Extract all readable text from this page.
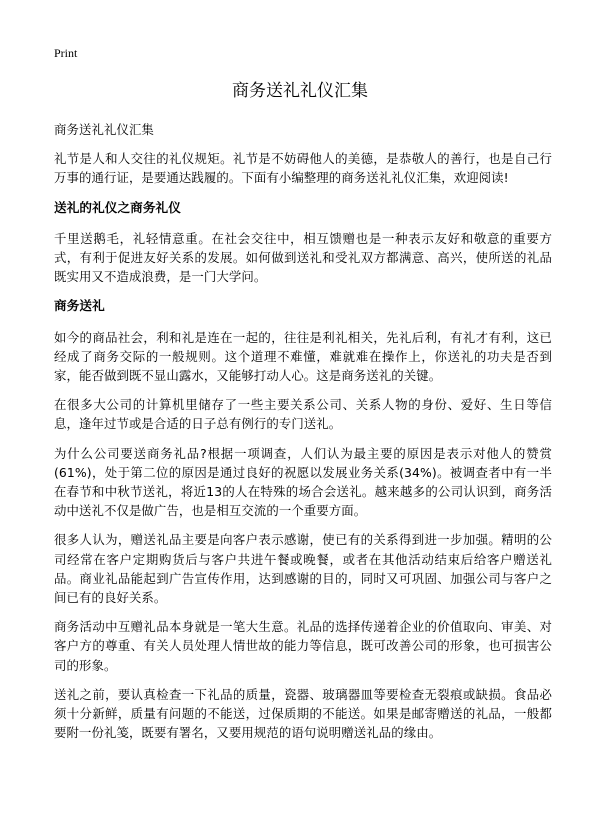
Print
商务送礼礼仪汇集

商务送礼礼仪汇集

礼节是人和人交往的礼仪规矩。礼节是不妨碍他人的美德，是恭敬人的善行，也是自己行万事的通行证，是要通达践履的。下面有小编整理的商务送礼礼仪汇集，欢迎阅读!

送礼的礼仪之商务礼仪

千里送鹅毛，礼轻情意重。在社会交往中，相互馈赠也是一种表示友好和敬意的重要方式，有利于促进友好关系的发展。如何做到送礼和受礼双方都满意、高兴，使所送的礼品既实用又不造成浪费，是一门大学问。

商务送礼

如今的商品社会，利和礼是连在一起的，往往是利礼相关，先礼后利，有礼才有利，这已经成了商务交际的一般规则。这个道理不难懂，难就难在操作上，你送礼的功夫是否到家，能否做到既不显山露水，又能够打动人心。这是商务送礼的关键。

在很多大公司的计算机里储存了一些主要关系公司、关系人物的身份、爱好、生日等信息，逢年过节或是合适的日子总有例行的专门送礼。

为什么公司要送商务礼品?根据一项调查，人们认为最主要的原因是表示对他人的赞赏(61%)，处于第二位的原因是通过良好的祝愿以发展业务关系(34%)。被调查者中有一半在春节和中秋节送礼，将近13的人在特殊的场合会送礼。越来越多的公司认识到，商务活动中送礼不仅是做广告，也是相互交流的一个重要方面。

很多人认为，赠送礼品主要是向客户表示感谢，使已有的关系得到进一步加强。精明的公司经常在客户定期购货后与客户共进午餐或晚餐，或者在其他活动结束后给客户赠送礼品。商业礼品能起到广告宣传作用，达到感谢的目的，同时又可巩固、加强公司与客户之间已有的良好关系。

商务活动中互赠礼品本身就是一笔大生意。礼品的选择传递着企业的价值取向、审美、对客户方的尊重、有关人员处理人情世故的能力等信息，既可改善公司的形象，也可损害公司的形象。

送礼之前，要认真检查一下礼品的质量，瓷器、玻璃器皿等要检查无裂痕或缺损。食品必须十分新鲜，质量有问题的不能送，过保质期的不能送。如果是邮寄赠送的礼品，一般都要附一份礼笺，既要有署名，又要用规范的语句说明赠送礼品的缘由。
